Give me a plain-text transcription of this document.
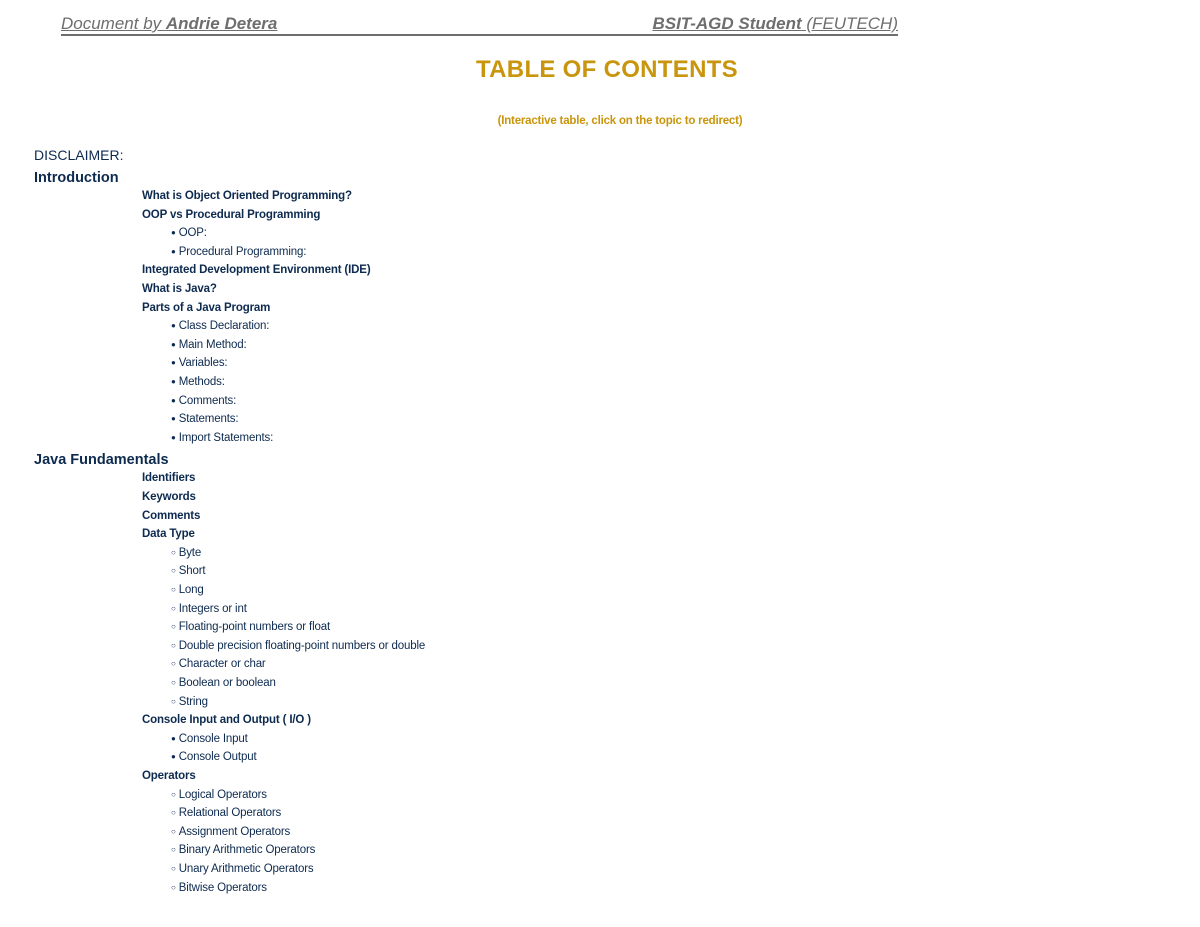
Document by Andrie Detera	BSIT-AGD Student (FEUTECH)
TABLE OF CONTENTS
(Interactive table, click on the topic to redirect)
DISCLAIMER:
Introduction
What is Object Oriented Programming?
OOP vs Procedural Programming
● OOP:
● Procedural Programming:
Integrated Development Environment (IDE)
What is Java?
Parts of a Java Program
● Class Declaration:
● Main Method:
● Variables:
● Methods:
● Comments:
● Statements:
● Import Statements:
Java Fundamentals
Identifiers
Keywords
Comments
Data Type
○ Byte
○ Short
○ Long
○ Integers or int
○ Floating-point numbers or float
○ Double precision floating-point numbers or double
○ Character or char
○ Boolean or boolean
○ String
Console Input and Output ( I/O )
● Console Input
● Console Output
Operators
○ Logical Operators
○ Relational Operators
○ Assignment Operators
○ Binary Arithmetic Operators
○ Unary Arithmetic Operators
○ Bitwise Operators
